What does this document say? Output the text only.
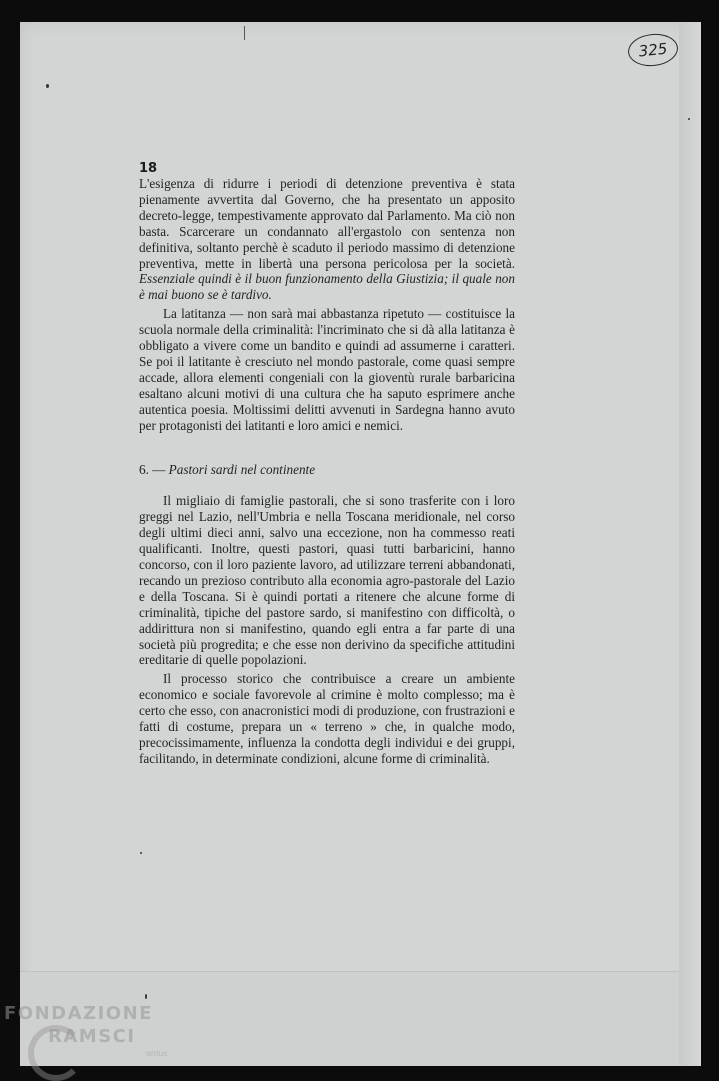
325
18

L'esigenza di ridurre i periodi di detenzione preventiva è stata pienamente avvertita dal Governo, che ha presentato un apposito decreto-legge, tempestivamente approvato dal Parlamento. Ma ciò non basta. Scarcerare un condannato all'ergastolo con sentenza non definitiva, soltanto perchè è scaduto il periodo massimo di detenzione preventiva, mette in libertà una persona pericolosa per la società. Essenziale quindi è il buon funzionamento della Giustizia; il quale non è mai buono se è tardivo.

La latitanza — non sarà mai abbastanza ripetuto — costituisce la scuola normale della criminalità: l'incriminato che si dà alla latitanza è obbligato a vivere come un bandito e quindi ad assumerne i caratteri. Se poi il latitante è cresciuto nel mondo pastorale, come quasi sempre accade, allora elementi congeniali con la gioventù rurale barbaricina esaltano alcuni motivi di una cultura che ha saputo esprimere anche autentica poesia. Moltissimi delitti avvenuti in Sardegna hanno avuto per protagonisti dei latitanti e loro amici e nemici.

6. — Pastori sardi nel continente

Il migliaio di famiglie pastorali, che si sono trasferite con i loro greggi nel Lazio, nell'Umbria e nella Toscana meridionale, nel corso degli ultimi dieci anni, salvo una eccezione, non ha commesso reati qualificanti. Inoltre, questi pastori, quasi tutti barbaricini, hanno concorso, con il loro paziente lavoro, ad utilizzare terreni abbandonati, recando un prezioso contributo alla economia agro-pastorale del Lazio e della Toscana. Si è quindi portati a ritenere che alcune forme di criminalità, tipiche del pastore sardo, si manifestino con difficoltà, o addirittura non si manifestino, quando egli entra a far parte di una società più progredita; e che esse non derivino da specifiche attitudini ereditarie di quelle popolazioni.

Il processo storico che contribuisce a creare un ambiente economico e sociale favorevole al crimine è molto complesso; ma è certo che esso, con anacronistici modi di produzione, con frustrazioni e fatti di costume, prepara un « terreno » che, in qualche modo, precocissimamente, influenza la condotta degli individui e dei gruppi, facilitando, in determinate condizioni, alcune forme di criminalità.

FONDAZIONE
RAMSCI
onlus
